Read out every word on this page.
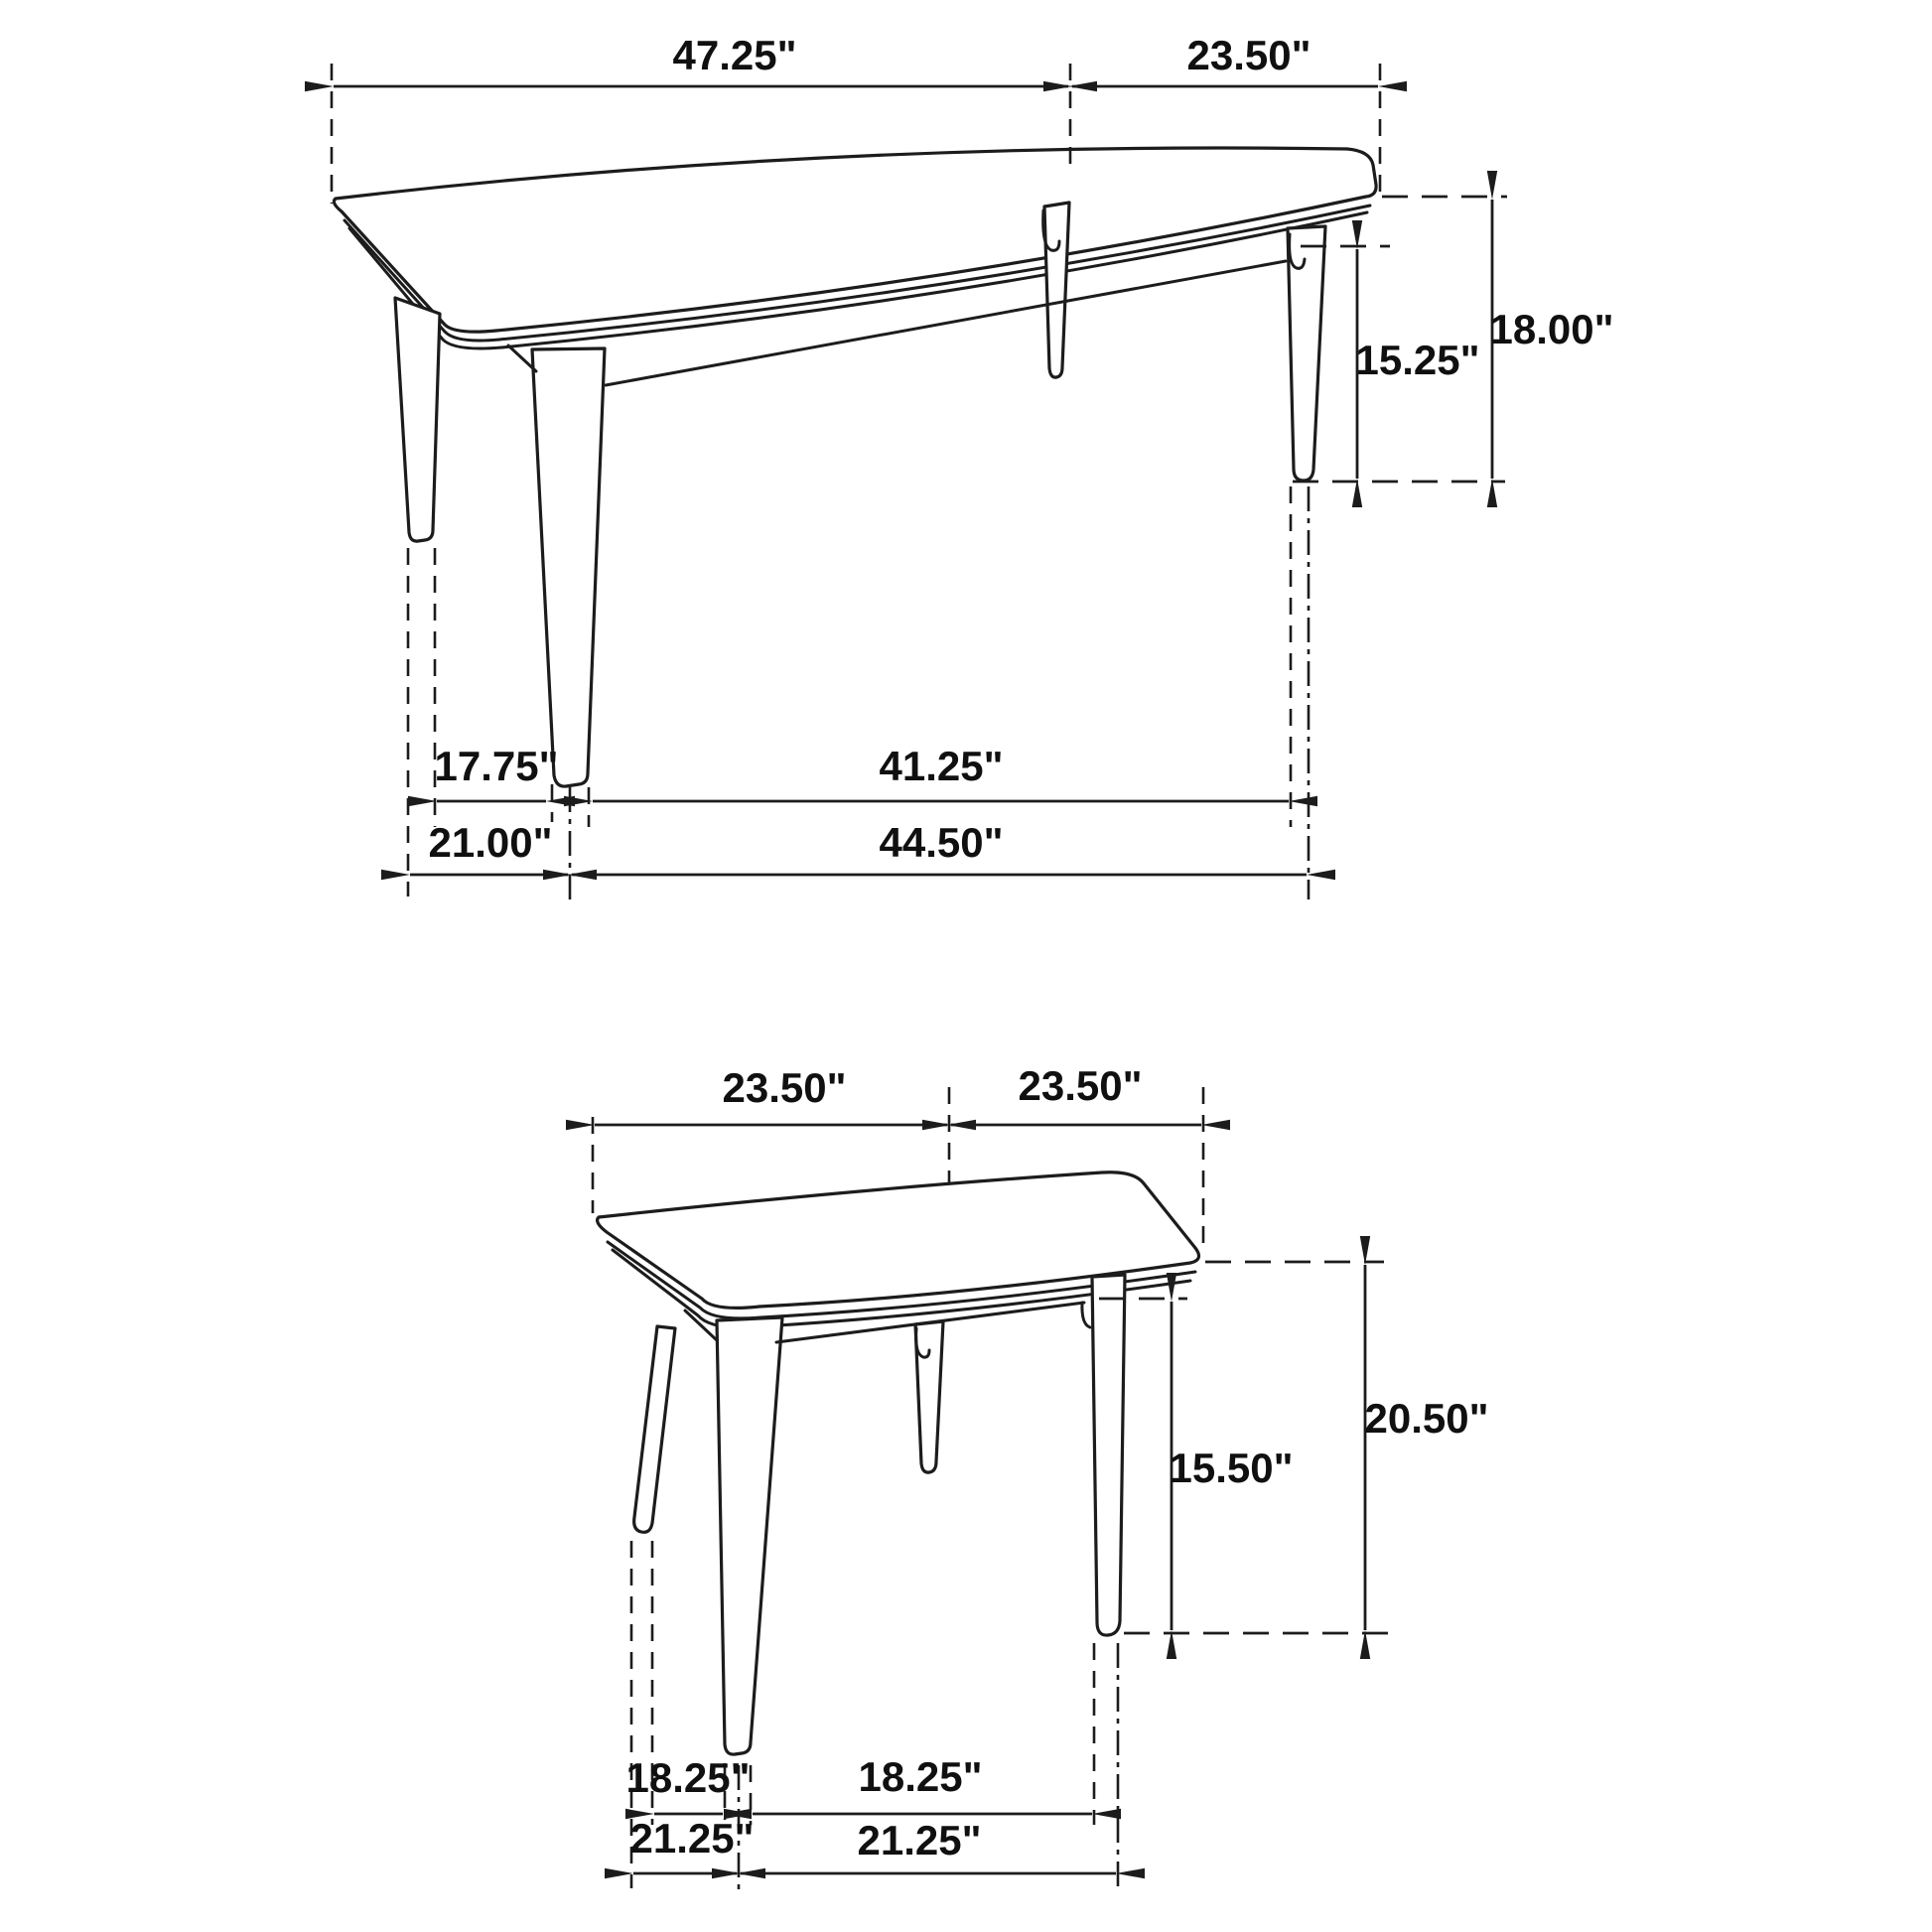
47.25"	23.50"
18.00"
15.25"
17.75"	41.25"
21.00"	44.50"
23.50"	23.50"
20.50"
15.50"
18.25"	18.25"
21.25" 21.25"
